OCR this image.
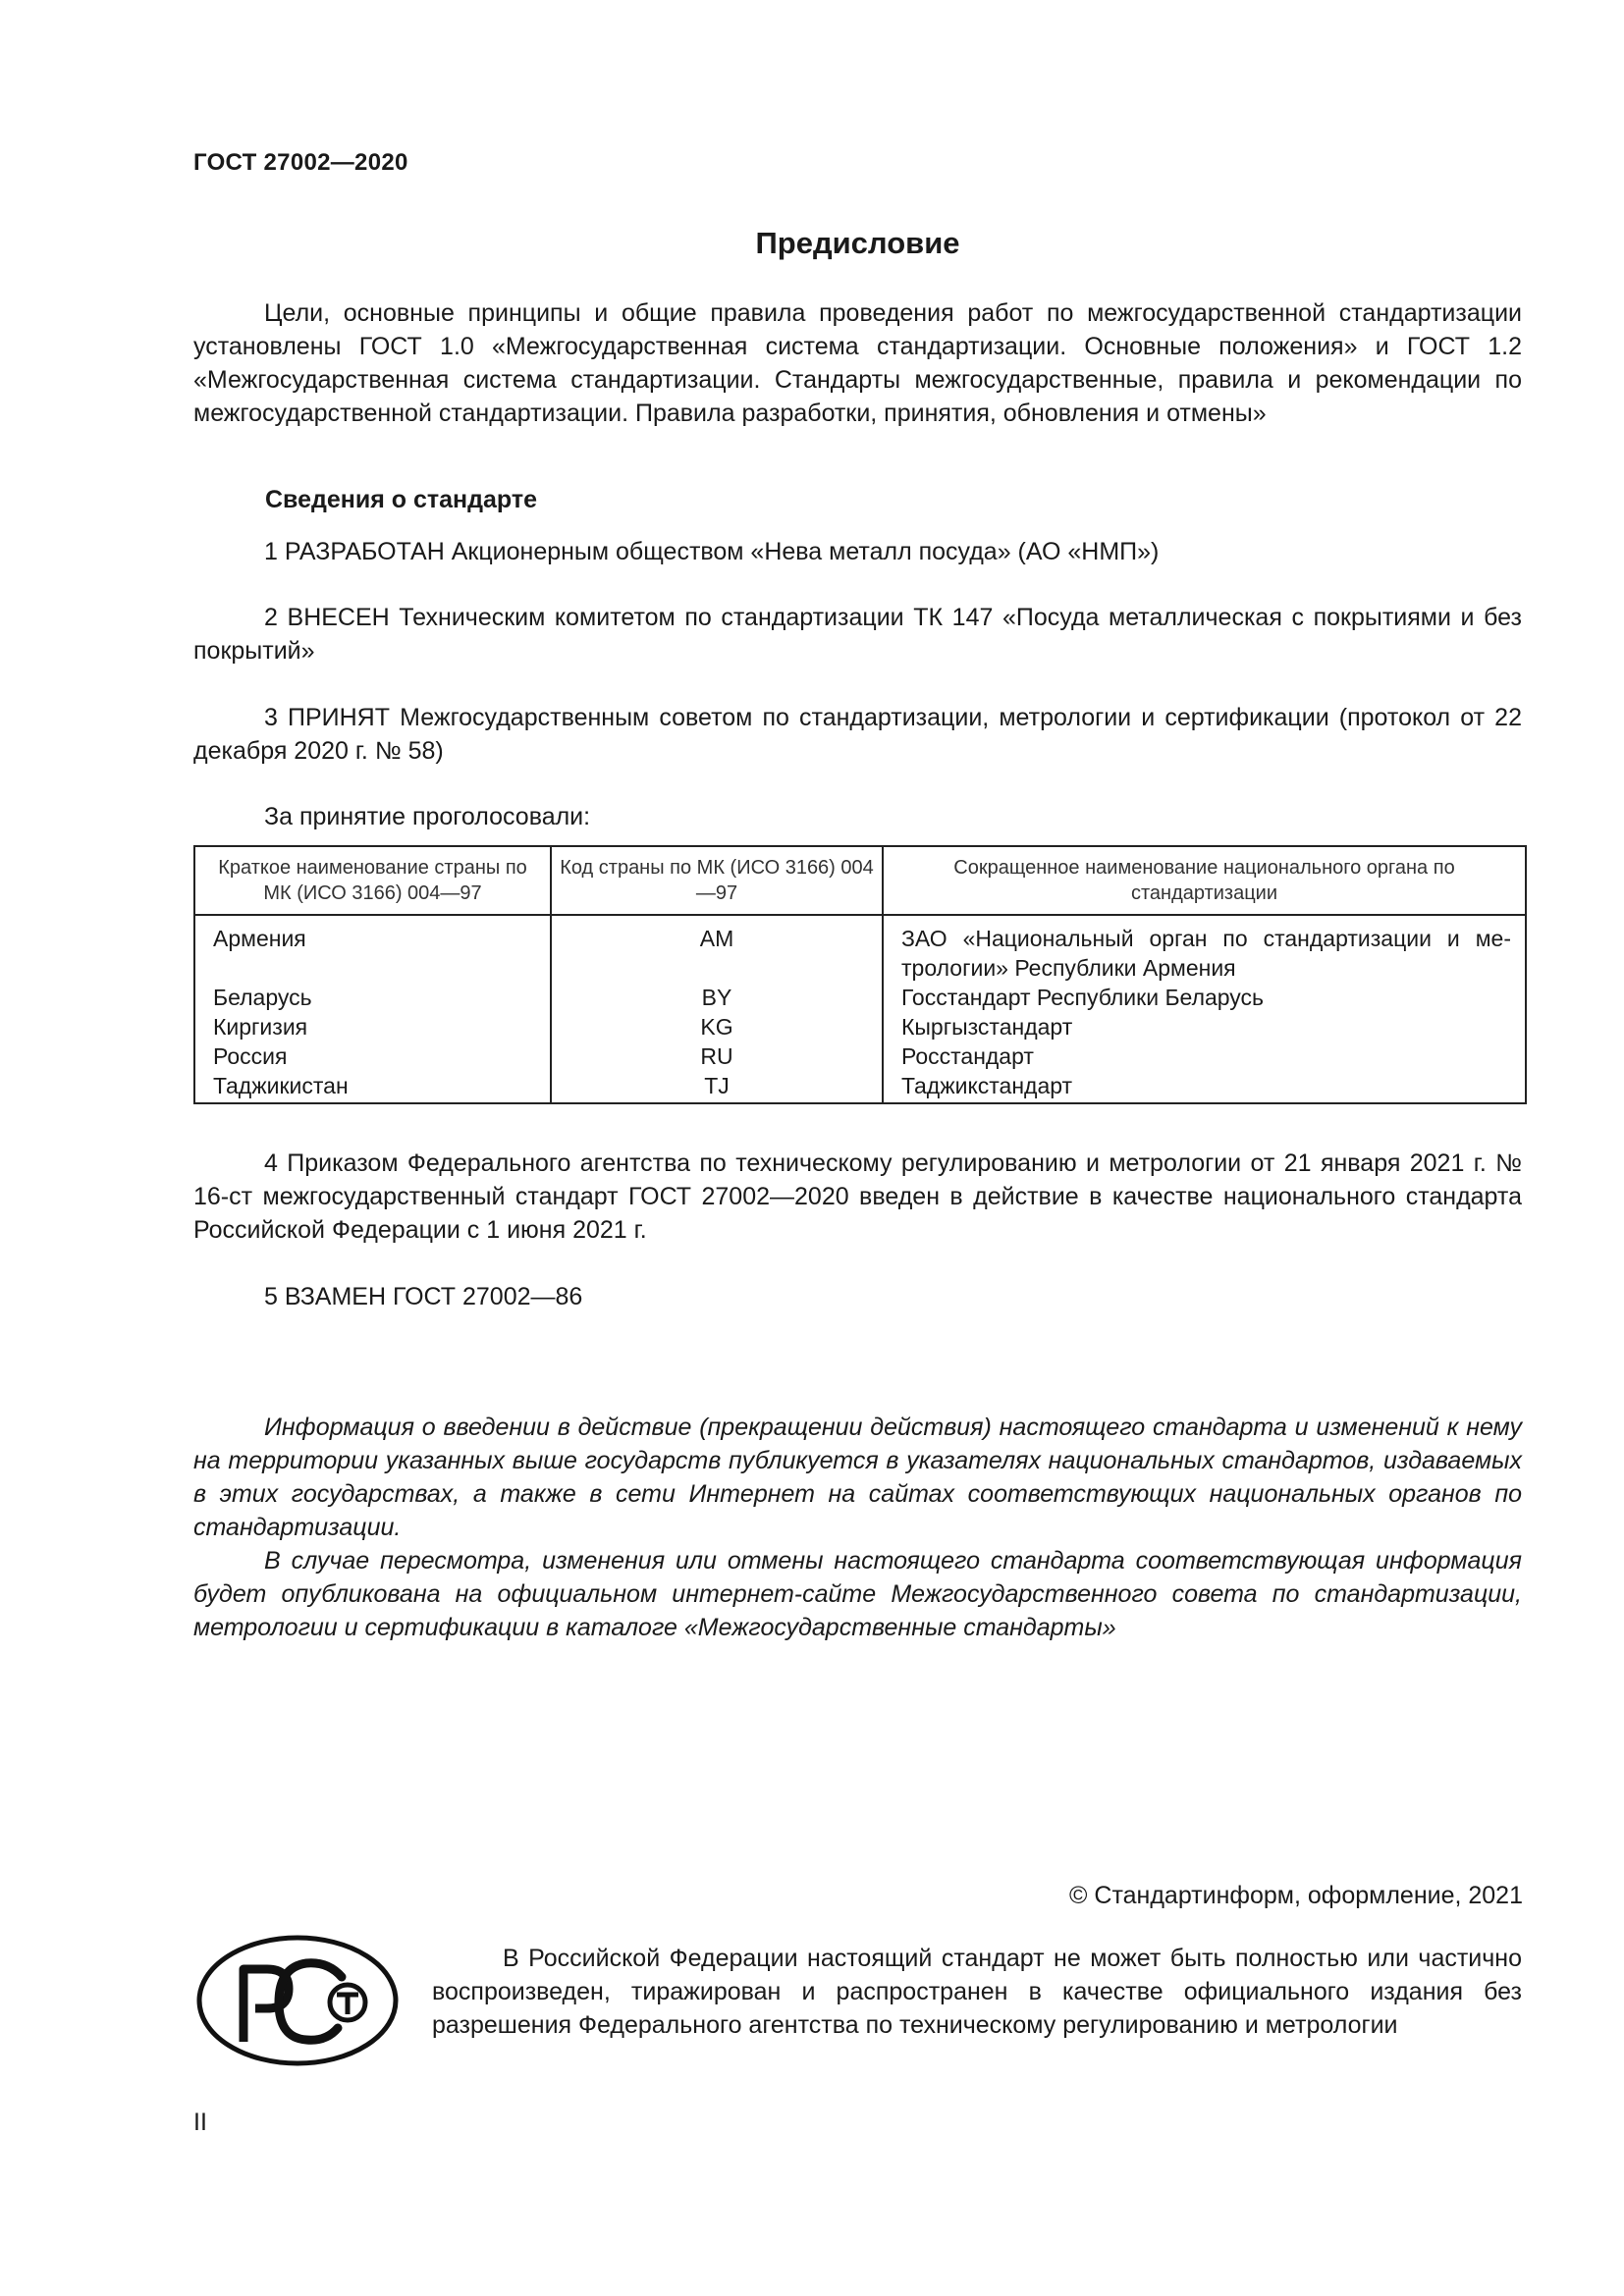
ГОСТ 27002—2020
Предисловие

Цели, основные принципы и общие правила проведения работ по межгосударственной стандартизации установлены ГОСТ 1.0 «Межгосударственная система стандартизации. Основные положения» и ГОСТ 1.2 «Межгосударственная система стандартизации. Стандарты межгосударственные, правила и рекомендации по межгосударственной стандартизации. Правила разработки, принятия, обновления и отмены»

Сведения о стандарте

1 РАЗРАБОТАН Акционерным обществом «Нева металл посуда» (АО «НМП»)

2 ВНЕСЕН Техническим комитетом по стандартизации ТК 147 «Посуда металлическая с покрытиями и без покрытий»

3 ПРИНЯТ Межгосударственным советом по стандартизации, метрологии и сертификации (протокол от 22 декабря 2020 г. № 58)

За принятие проголосовали:

Краткое наименование страны по МК (ИСО 3166) 004—97	Код страны по МК (ИСО 3166) 004—97	Сокращенное наименование национального органа по стандартизации
Армения	AM	ЗАО «Национальный орган по стандартизации и метрологии» Республики Армения
Беларусь	BY	Госстандарт Республики Беларусь
Киргизия	KG	Кыргызстандарт
Россия	RU	Росстандарт
Таджикистан	TJ	Таджикстандарт

4 Приказом Федерального агентства по техническому регулированию и метрологии от 21 января 2021 г. № 16-ст межгосударственный стандарт ГОСТ 27002—2020 введен в действие в качестве национального стандарта Российской Федерации с 1 июня 2021 г.

5 ВЗАМЕН ГОСТ 27002—86

Информация о введении в действие (прекращении действия) настоящего стандарта и изменений к нему на территории указанных выше государств публикуется в указателях национальных стандартов, издаваемых в этих государствах, а также в сети Интернет на сайтах соответствующих национальных органов по стандартизации.

В случае пересмотра, изменения или отмены настоящего стандарта соответствующая информация будет опубликована на официальном интернет-сайте Межгосударственного совета по стандартизации, метрологии и сертификации в каталоге «Межгосударственные стандарты»

© Стандартинформ, оформление, 2021

В Российской Федерации настоящий стандарт не может быть полностью или частично воспроизведен, тиражирован и распространен в качестве официального издания без разрешения Федерального агентства по техническому регулированию и метрологии

II
